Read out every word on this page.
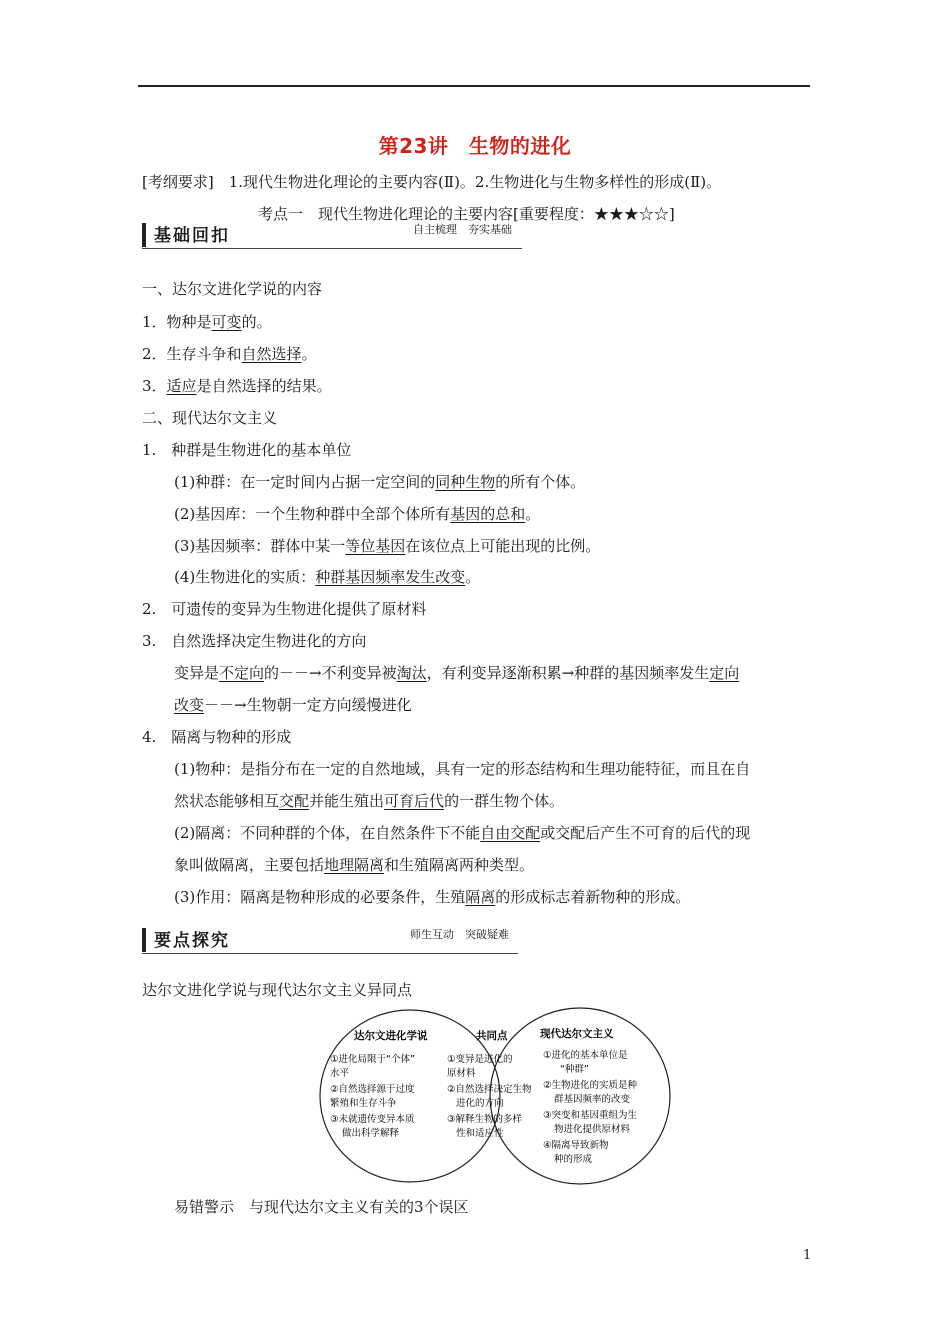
第23讲　生物的进化
[考纲要求]　1.现代生物进化理论的主要内容(Ⅱ)。2.生物进化与生物多样性的形成(Ⅱ)。
考点一　现代生物进化理论的主要内容[重要程度：★★★☆☆]
基础回扣	自主梳理　夯实基础
一、达尔文进化学说的内容
1．物种是可变的。
2．生存斗争和自然选择。
3．适应是自然选择的结果。
二、现代达尔文主义
1.　种群是生物进化的基本单位
(1)种群：在一定时间内占据一定空间的同种生物的所有个体。
(2)基因库：一个生物种群中全部个体所有基因的总和。
(3)基因频率：群体中某一等位基因在该位点上可能出现的比例。
(4)生物进化的实质：种群基因频率发生改变。
2.　可遗传的变异为生物进化提供了原材料
3.　自然选择决定生物进化的方向
变异是不定向的－－→不利变异被淘汰，有利变异逐渐积累→种群的基因频率发生定向
改变－－→生物朝一定方向缓慢进化
4.　隔离与物种的形成
(1)物种：是指分布在一定的自然地域，具有一定的形态结构和生理功能特征，而且在自
然状态能够相互交配并能生殖出可育后代的一群生物个体。
(2)隔离：不同种群的个体，在自然条件下不能自由交配或交配后产生不可育的后代的现
象叫做隔离，主要包括地理隔离和生殖隔离两种类型。
(3)作用：隔离是物种形成的必要条件，生殖隔离的形成标志着新物种的形成。
要点探究	师生互动　突破疑难
达尔文进化学说与现代达尔文主义异同点
达尔文进化学说
①进化局限于“个体”
水平
②自然选择源于过度
繁殖和生存斗争
③未就遗传变异本质
做出科学解释
共同点
①变异是进化的
原材料
②自然选择决定生物
进化的方向
③解释生物的多样
性和适应性
现代达尔文主义
①进化的基本单位是
“种群”
②生物进化的实质是种
群基因频率的改变
③突变和基因重组为生
物进化提供原材料
④隔离导致新物
种的形成
易错警示　与现代达尔文主义有关的3个误区
1
